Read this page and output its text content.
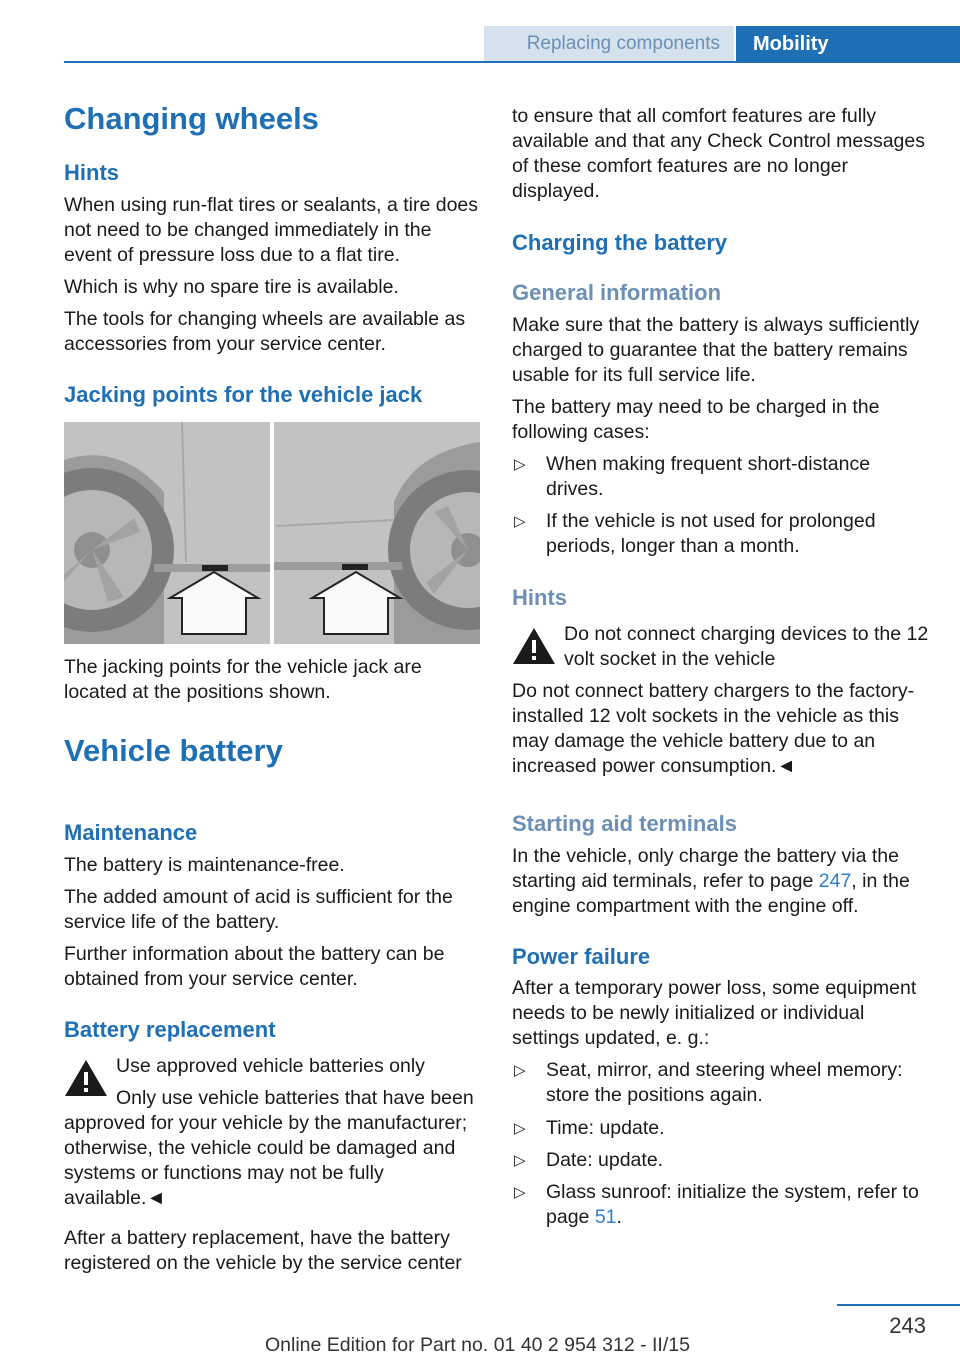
Replacing components	Mobility
Changing wheels
Hints

When using run-flat tires or sealants, a tire does not need to be changed immediately in the event of pressure loss due to a flat tire.

Which is why no spare tire is available.

The tools for changing wheels are available as accessories from your service center.

Jacking points for the vehicle jack

The jacking points for the vehicle jack are located at the positions shown.

Vehicle battery
Maintenance

The battery is maintenance-free.

The added amount of acid is sufficient for the service life of the battery.

Further information about the battery can be obtained from your service center.

Battery replacement
Use approved vehicle batteries only

Only use vehicle batteries that have been approved for your vehicle by the manufacturer; otherwise, the vehicle could be damaged and systems or functions may not be fully available.◄

After a battery replacement, have the battery registered on the vehicle by the service center

to ensure that all comfort features are fully available and that any Check Control messages of these comfort features are no longer displayed.

Charging the battery
General information

Make sure that the battery is always sufficiently charged to guarantee that the battery remains usable for its full service life.

The battery may need to be charged in the following cases:

▷ When making frequent short-distance drives.
▷ If the vehicle is not used for prolonged periods, longer than a month.
Hints
Do not connect charging devices to the 12 volt socket in the vehicle

Do not connect battery chargers to the factory-installed 12 volt sockets in the vehicle as this may damage the vehicle battery due to an increased power consumption.◄

Starting aid terminals

In the vehicle, only charge the battery via the starting aid terminals, refer to page 247, in the engine compartment with the engine off.

Power failure

After a temporary power loss, some equipment needs to be newly initialized or individual settings updated, e. g.:

▷ Seat, mirror, and steering wheel memory: store the positions again.
▷ Time: update.
▷ Date: update.
▷ Glass sunroof: initialize the system, refer to page 51.
243
Online Edition for Part no. 01 40 2 954 312 - II/15
